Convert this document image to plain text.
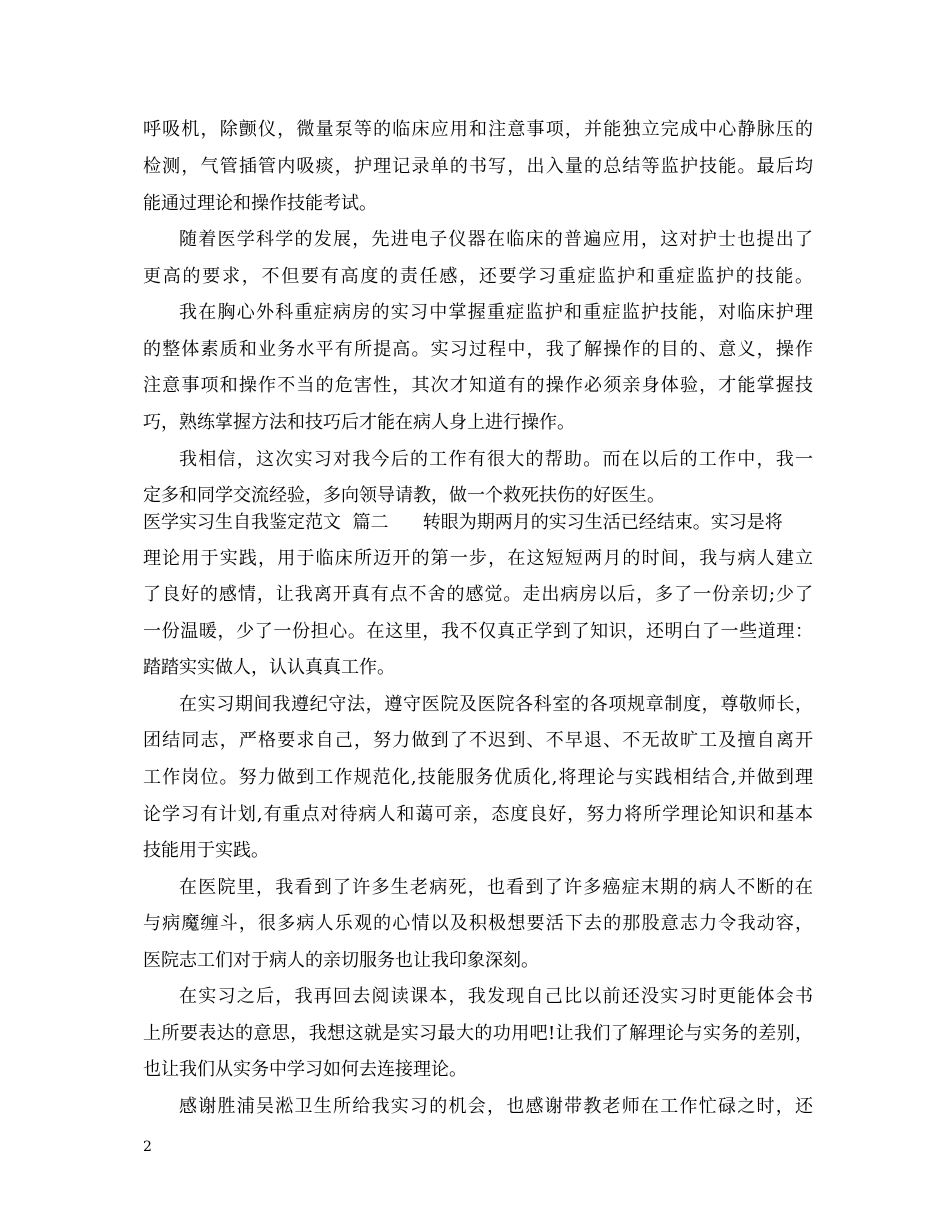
呼吸机，除颤仪，微量泵等的临床应用和注意事项，并能独立完成中心静脉压的
检测，气管插管内吸痰，护理记录单的书写，出入量的总结等监护技能。最后均
能通过理论和操作技能考试。
随着医学科学的发展，先进电子仪器在临床的普遍应用，这对护士也提出了
更高的要求，不但要有高度的责任感，还要学习重症监护和重症监护的技能。
我在胸心外科重症病房的实习中掌握重症监护和重症监护技能，对临床护理
的整体素质和业务水平有所提高。实习过程中，我了解操作的目的、意义，操作
注意事项和操作不当的危害性，其次才知道有的操作必须亲身体验，才能掌握技
巧，熟练掌握方法和技巧后才能在病人身上进行操作。
我相信，这次实习对我今后的工作有很大的帮助。而在以后的工作中，我一
定多和同学交流经验，多向领导请教，做一个救死扶伤的好医生。
医学实习生自我鉴定范文  篇二      转眼为期两月的实习生活已经结束。实习是将
理论用于实践，用于临床所迈开的第一步，在这短短两月的时间，我与病人建立
了良好的感情，让我离开真有点不舍的感觉。走出病房以后，多了一份亲切;少了
一份温暖，少了一份担心。在这里，我不仅真正学到了知识，还明白了一些道理：
踏踏实实做人，认认真真工作。
在实习期间我遵纪守法，遵守医院及医院各科室的各项规章制度，尊敬师长，
团结同志，严格要求自己，努力做到了不迟到、不早退、不无故旷工及擅自离开
工作岗位。努力做到工作规范化,技能服务优质化,将理论与实践相结合,并做到理
论学习有计划,有重点对待病人和蔼可亲，态度良好，努力将所学理论知识和基本
技能用于实践。
在医院里，我看到了许多生老病死，也看到了许多癌症末期的病人不断的在
与病魔缠斗，很多病人乐观的心情以及积极想要活下去的那股意志力令我动容，
医院志工们对于病人的亲切服务也让我印象深刻。
在实习之后，我再回去阅读课本，我发现自己比以前还没实习时更能体会书
上所要表达的意思，我想这就是实习最大的功用吧!让我们了解理论与实务的差别，
也让我们从实务中学习如何去连接理论。
感谢胜浦吴淞卫生所给我实习的机会，也感谢带教老师在工作忙碌之时，还
2
